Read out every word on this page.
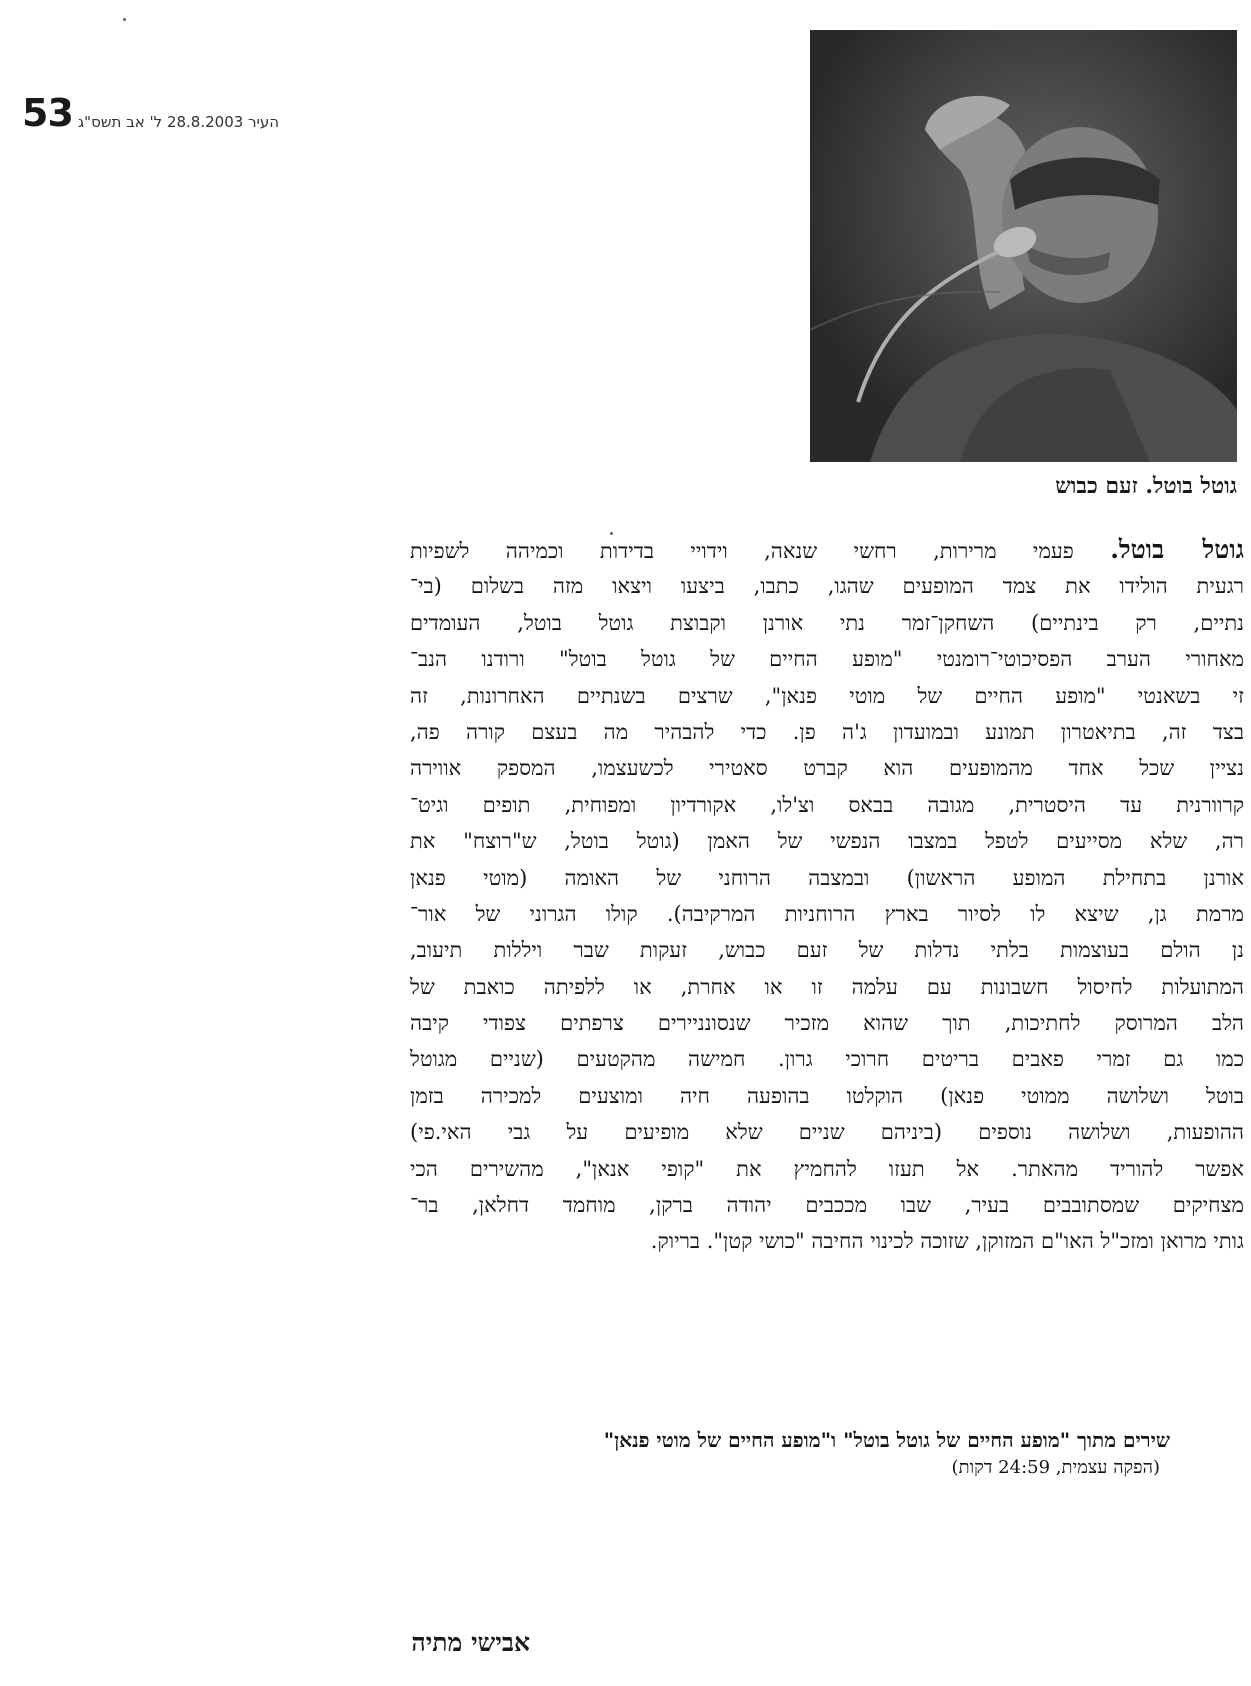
53 העיר 28.8.2003 ל' אב תשס"ג
גוטל בוטל. זעם כבוש

גוטל בוטל. פעמי מרירות, רחשי שנאה, וידויי בדידות וכמיהה לשפיות

רגעית הולידו את צמד המופעים שהגו, כתבו, ביצעו ויצאו מזה בשלום (בי־

נתיים, רק בינתיים) השחקן־זמר נתי אורנן וקבוצת גוטל בוטל, העומדים

מאחורי הערב הפסיכוטי־רומנטי "מופע החיים של גוטל בוטל" ורודנו הנב־

זי בשאנטי "מופע החיים של מוטי פנאן", שרצים בשנתיים האחרונות, זה

בצד זה, בתיאטרון תמונע ובמועדון ג'ה פן. כדי להבהיר מה בעצם קורה פה,

נציין שכל אחד מהמופעים הוא קברט סאטירי לכשעצמו, המספק אווירה

קרוורנית עד היסטרית, מגובה בבאס וצ'לו, אקורדיון ומפוחית, תופים וגיט־

רה, שלא מסייעים לטפל במצבו הנפשי של האמן (גוטל בוטל, ש"רוצח" את

אורנן בתחילת המופע הראשון) ובמצבה הרוחני של האומה (מוטי פנאן

מרמת גן, שיצא לו לסיור בארץ הרוחניות המרקיבה). קולו הגרוני של אור־

נן הולם בעוצמות בלתי נדלות של זעם כבוש, זעקות שבר ויללות תיעוב,

המתועלות לחיסול חשבונות עם עלמה זו או אחרת, או ללפיתה כואבת של

הלב המרוסק לחתיכות, תוך שהוא מזכיר שנסונניירים צרפתים צפודי קיבה

כמו גם זמרי פאבים בריטים חרוכי גרון. חמישה מהקטעים (שניים מגוטל

בוטל ושלושה ממוטי פנאן) הוקלטו בהופעה חיה ומוצעים למכירה בזמן

ההופעות, ושלושה נוספים (ביניהם שניים שלא מופיעים על גבי האי.פי)

אפשר להוריד מהאתר. אל תעזו להחמיץ את "קופי אנאן", מהשירים הכי

מצחיקים שמסתובבים בעיר, שבו מככבים יהודה ברקן, מוחמד דחלאן, בר־

גותי מרואן ומזכ"ל האו"ם המזוקן, שזוכה לכינוי החיבה "כושי קטן". בריוק.

שירים מתוך "מופע החיים של גוטל בוטל" ו"מופע החיים של מוטי פנאן"
(הפקה עצמית, 24:59 דקות)
אבישי מתיה
